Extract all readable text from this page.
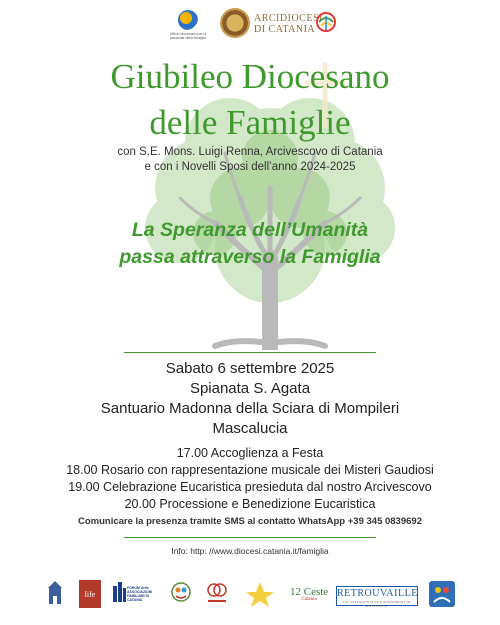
Ufficio diocesano per la pastorale della famiglia
ARCIDIOCESI
DI CATANIA
Giubileo Diocesano
delle Famiglie
con S.E. Mons. Luigi Renna, Arcivescovo di Catania
e con i Novelli Sposi dell’anno 2024-2025
La Speranza dell’Umanità
passa attraverso la Famiglia
Sabato 6 settembre 2025
Spianata S. Agata
Santuario Madonna della Sciara di Mompileri
Mascalucia
17.00 Accoglienza a Festa
18.00 Rosario con rappresentazione musicale dei Misteri Gaudiosi
19.00 Celebrazione Eucaristica presieduta dal nostro Arcivescovo
20.00 Processione e Benedizione Eucaristica
Comunicare la presenza tramite SMS al contatto WhatsApp +39 345 0839692
Info: http: //www.diocesi.catania.it/famiglia
life
FORUM delle ASSOCIAZIONI FAMILIARI DI CATANIA
12 Ceste
Catania
RETROUVAILLE
UN SALVAGENTE PER MATRIMONI IN DIFFICOLTÀ
